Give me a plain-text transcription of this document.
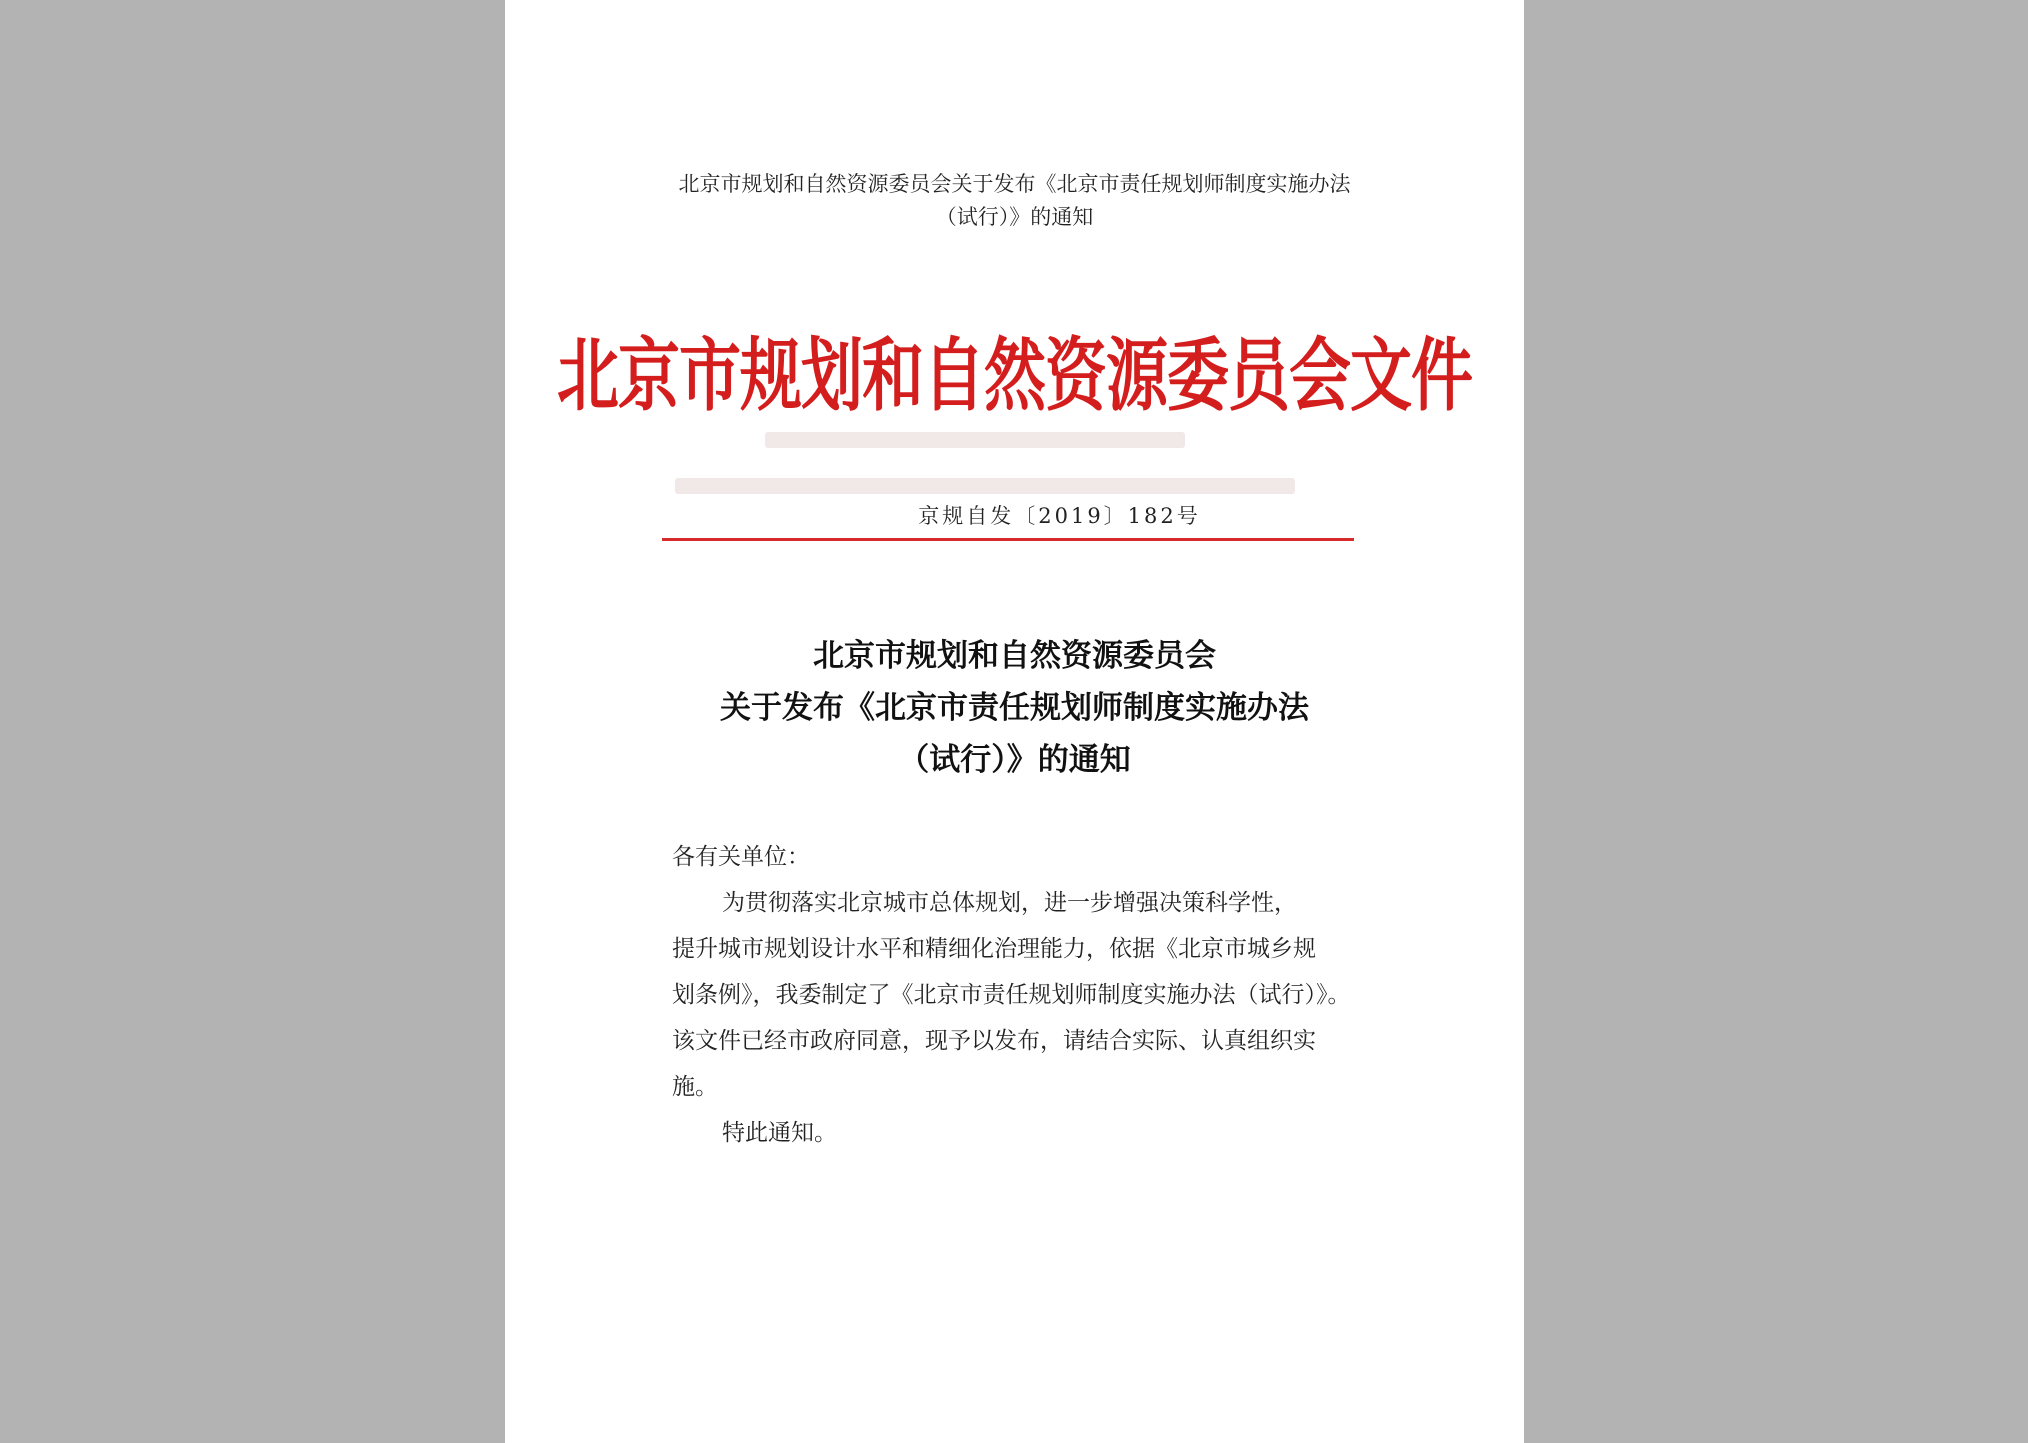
北京市规划和自然资源委员会关于发布《北京市责任规划师制度实施办法
（试行）》的通知
北京市规划和自然资源委员会文件
京规自发〔2019〕182号
北京市规划和自然资源委员会
关于发布《北京市责任规划师制度实施办法
（试行）》的通知

各有关单位：

为贯彻落实北京城市总体规划，进一步增强决策科学性，

提升城市规划设计水平和精细化治理能力，依据《北京市城乡规

划条例》，我委制定了《北京市责任规划师制度实施办法（试行）》。

该文件已经市政府同意，现予以发布，请结合实际、认真组织实

施。

特此通知。
